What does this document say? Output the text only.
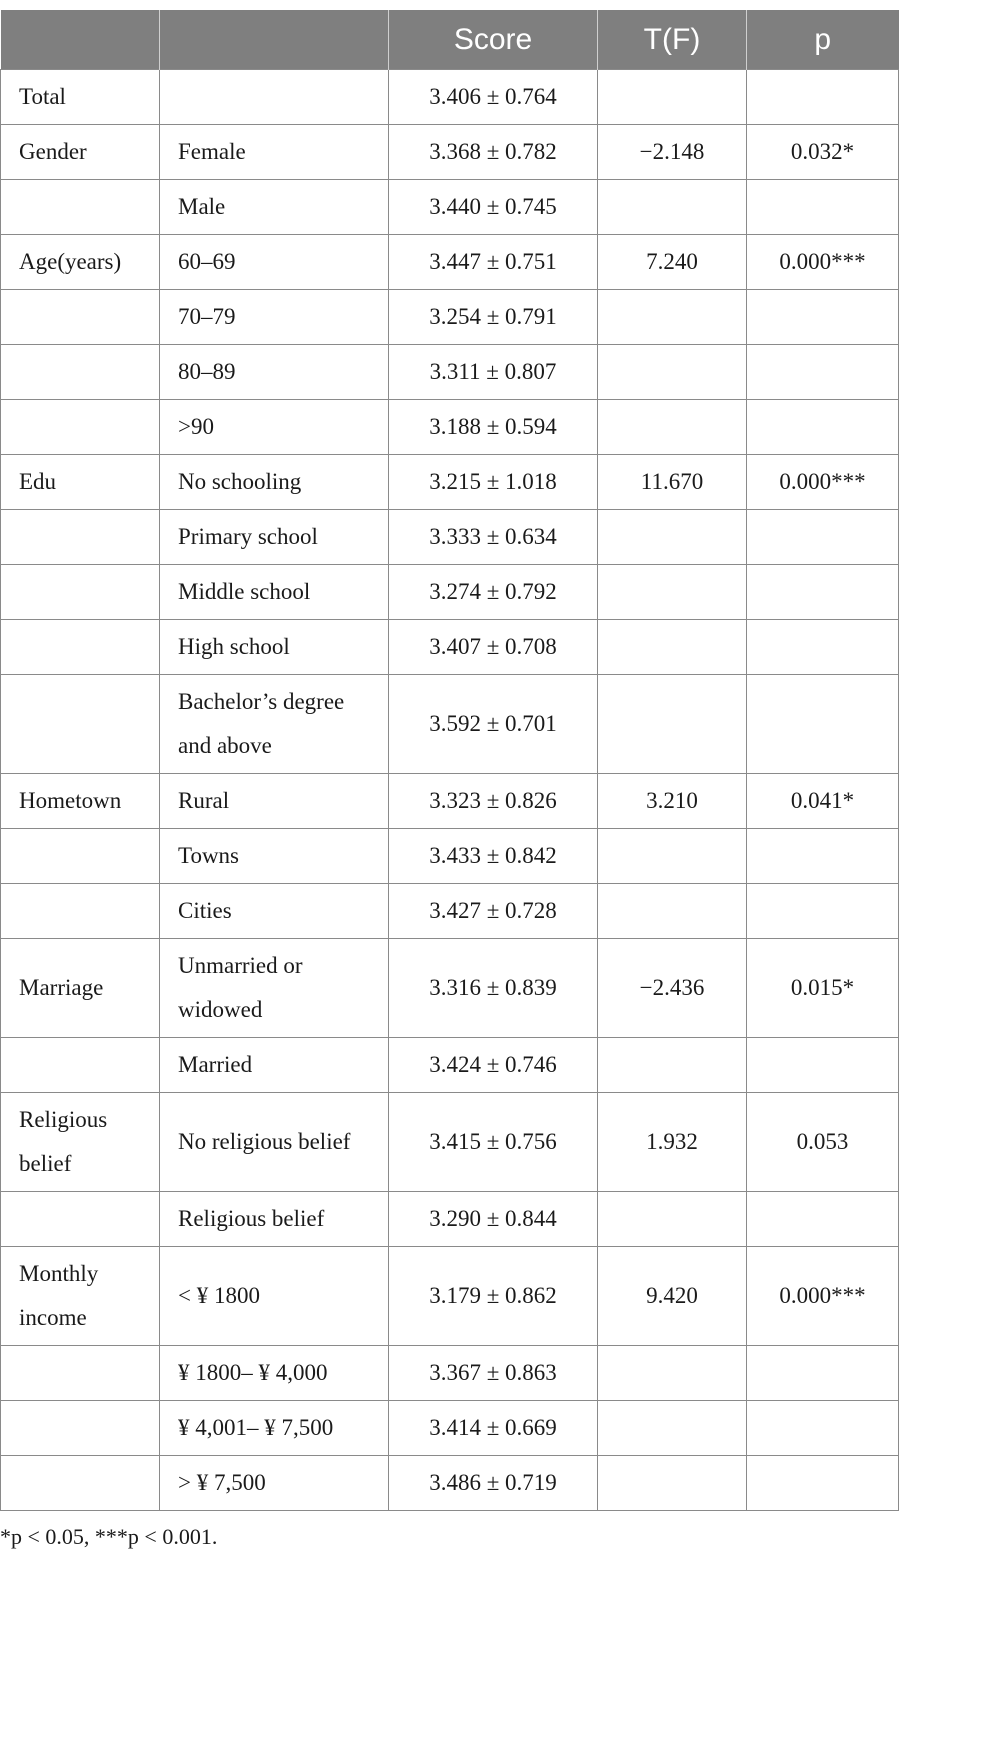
		Score	T(F)	p
Total		3.406 ± 0.764		
Gender	Female	3.368 ± 0.782	−2.148	0.032*
	Male	3.440 ± 0.745		
Age(years)	60–69	3.447 ± 0.751	7.240	0.000***
	70–79	3.254 ± 0.791		
	80–89	3.311 ± 0.807		
	>90	3.188 ± 0.594		
Edu	No schooling	3.215 ± 1.018	11.670	0.000***
	Primary school	3.333 ± 0.634		
	Middle school	3.274 ± 0.792		
	High school	3.407 ± 0.708		
	Bachelor’s degree and above	3.592 ± 0.701		
Hometown	Rural	3.323 ± 0.826	3.210	0.041*
	Towns	3.433 ± 0.842		
	Cities	3.427 ± 0.728		
Marriage	Unmarried or widowed	3.316 ± 0.839	−2.436	0.015*
	Married	3.424 ± 0.746		
Religious belief	No religious belief	3.415 ± 0.756	1.932	0.053
	Religious belief	3.290 ± 0.844		
Monthly income	< ¥ 1800	3.179 ± 0.862	9.420	0.000***
	¥ 1800– ¥ 4,000	3.367 ± 0.863		
	¥ 4,001– ¥ 7,500	3.414 ± 0.669		
	> ¥ 7,500	3.486 ± 0.719		
*p < 0.05, ***p < 0.001.
